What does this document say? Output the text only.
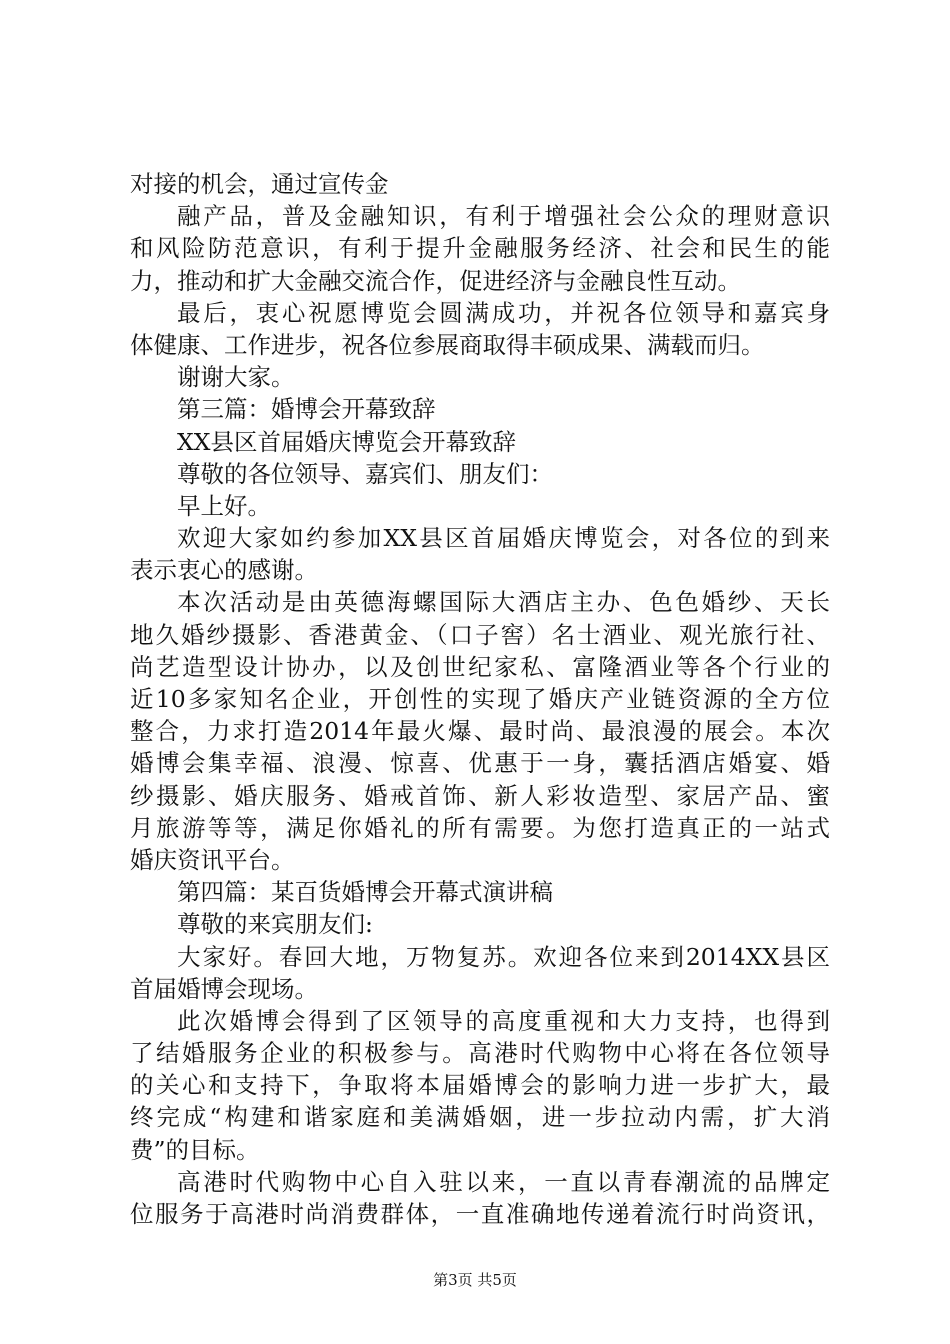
对接的机会，通过宣传金

融产品，普及金融知识，有利于增强社会公众的理财意识

和风险防范意识，有利于提升金融服务经济、社会和民生的能

力，推动和扩大金融交流合作，促进经济与金融良性互动。

最后，衷心祝愿博览会圆满成功，并祝各位领导和嘉宾身

体健康、工作进步，祝各位参展商取得丰硕成果、满载而归。

谢谢大家。

第三篇：婚博会开幕致辞

XX县区首届婚庆博览会开幕致辞

尊敬的各位领导、嘉宾们、朋友们：

早上好。

欢迎大家如约参加XX县区首届婚庆博览会，对各位的到来

表示衷心的感谢。

本次活动是由英德海螺国际大酒店主办、色色婚纱、天长

地久婚纱摄影、香港黄金、（口子窖）名士酒业、观光旅行社、

尚艺造型设计协办，以及创世纪家私、富隆酒业等各个行业的

近10多家知名企业，开创性的实现了婚庆产业链资源的全方位

整合，力求打造2014年最火爆、最时尚、最浪漫的展会。本次

婚博会集幸福、浪漫、惊喜、优惠于一身，囊括酒店婚宴、婚

纱摄影、婚庆服务、婚戒首饰、新人彩妆造型、家居产品、蜜

月旅游等等，满足你婚礼的所有需要。为您打造真正的一站式

婚庆资讯平台。

第四篇：某百货婚博会开幕式演讲稿

尊敬的来宾朋友们:

大家好。春回大地，万物复苏。欢迎各位来到2014XX县区

首届婚博会现场。

此次婚博会得到了区领导的高度重视和大力支持，也得到

了结婚服务企业的积极参与。高港时代购物中心将在各位领导

的关心和支持下，争取将本届婚博会的影响力进一步扩大，最

终完成“构建和谐家庭和美满婚姻，进一步拉动内需，扩大消

费”的目标。

高港时代购物中心自入驻以来，一直以青春潮流的品牌定

位服务于高港时尚消费群体，一直准确地传递着流行时尚资讯，

第3页 共5页
